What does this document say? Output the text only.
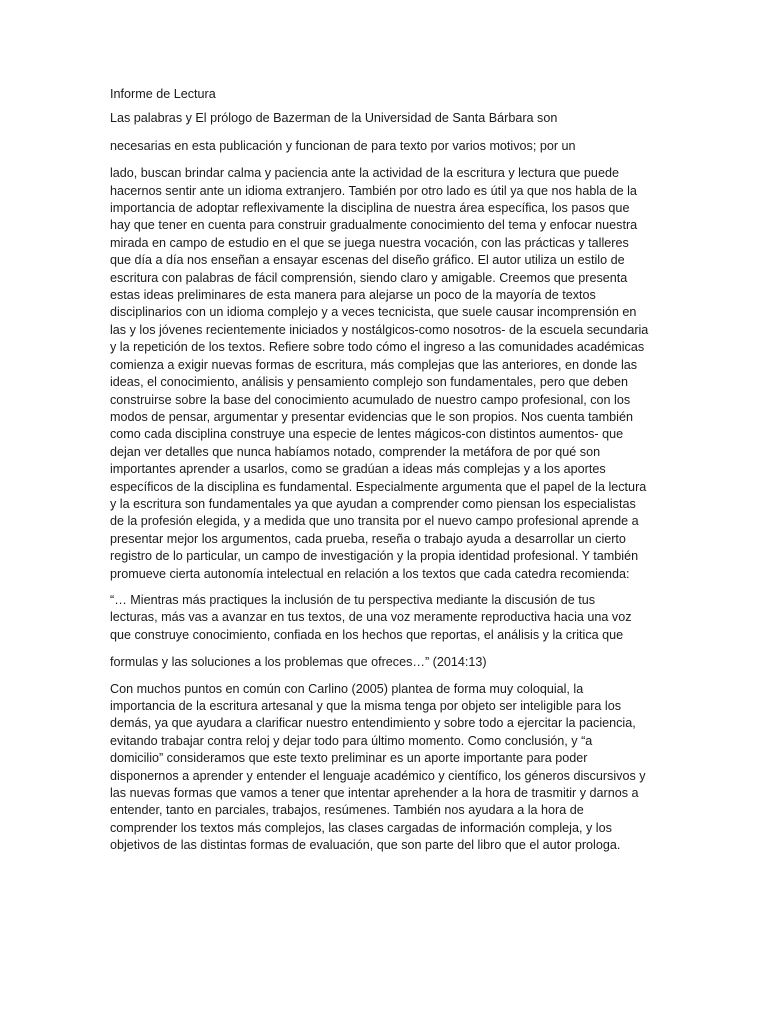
Informe de Lectura

Las palabras y El prólogo de Bazerman de la Universidad de Santa Bárbara son

necesarias en esta publicación y funcionan de para texto por varios motivos; por un

lado, buscan brindar calma y paciencia ante la actividad de la escritura y lectura que puede
hacernos sentir ante un idioma extranjero. También por otro lado es útil ya que nos habla de la
importancia de adoptar reflexivamente la disciplina de nuestra área específica, los pasos que
hay que tener en cuenta para construir gradualmente conocimiento del tema y enfocar nuestra
mirada en campo de estudio en el que se juega nuestra vocación, con las prácticas y talleres
que día a día nos enseñan a ensayar escenas del diseño gráfico. El autor utiliza un estilo de
escritura con palabras de fácil comprensión, siendo claro y amigable. Creemos que presenta
estas ideas preliminares de esta manera para alejarse un poco de la mayoría de textos
disciplinarios con un idioma complejo y a veces tecnicista, que suele causar incomprensión en
las y los jóvenes recientemente iniciados y nostálgicos-como nosotros- de la escuela secundaria
y la repetición de los textos. Refiere sobre todo cómo el ingreso a las comunidades académicas
comienza a exigir nuevas formas de escritura, más complejas que las anteriores, en donde las
ideas, el conocimiento, análisis y pensamiento complejo son fundamentales, pero que deben
construirse sobre la base del conocimiento acumulado de nuestro campo profesional, con los
modos de pensar, argumentar y presentar evidencias que le son propios. Nos cuenta también
como cada disciplina construye una especie de lentes mágicos-con distintos aumentos- que
dejan ver detalles que nunca habíamos notado, comprender la metáfora de por qué son
importantes aprender a usarlos, como se gradúan a ideas más complejas y a los aportes
específicos de la disciplina es fundamental. Especialmente argumenta que el papel de la lectura
y la escritura son fundamentales ya que ayudan a comprender como piensan los especialistas
de la profesión elegida, y a medida que uno transita por el nuevo campo profesional aprende a
presentar mejor los argumentos, cada prueba, reseña o trabajo ayuda a desarrollar un cierto
registro de lo particular, un campo de investigación y la propia identidad profesional. Y también
promueve cierta autonomía intelectual en relación a los textos que cada catedra recomienda:

“… Mientras más practiques la inclusión de tu perspectiva mediante la discusión de tus
lecturas, más vas a avanzar en tus textos, de una voz meramente reproductiva hacia una voz
que construye conocimiento, confiada en los hechos que reportas, el análisis y la critica que

formulas y las soluciones a los problemas que ofreces…” (2014:13)

Con muchos puntos en común con Carlino (2005) plantea de forma muy coloquial, la
importancia de la escritura artesanal y que la misma tenga por objeto ser inteligible para los
demás, ya que ayudara a clarificar nuestro entendimiento y sobre todo a ejercitar la paciencia,
evitando trabajar contra reloj y dejar todo para último momento. Como conclusión, y “a
domicilio” consideramos que este texto preliminar es un aporte importante para poder
disponernos a aprender y entender el lenguaje académico y científico, los géneros discursivos y
las nuevas formas que vamos a tener que intentar aprehender a la hora de trasmitir y darnos a
entender, tanto en parciales, trabajos, resúmenes. También nos ayudara a la hora de
comprender los textos más complejos, las clases cargadas de información compleja, y los
objetivos de las distintas formas de evaluación, que son parte del libro que el autor prologa.
